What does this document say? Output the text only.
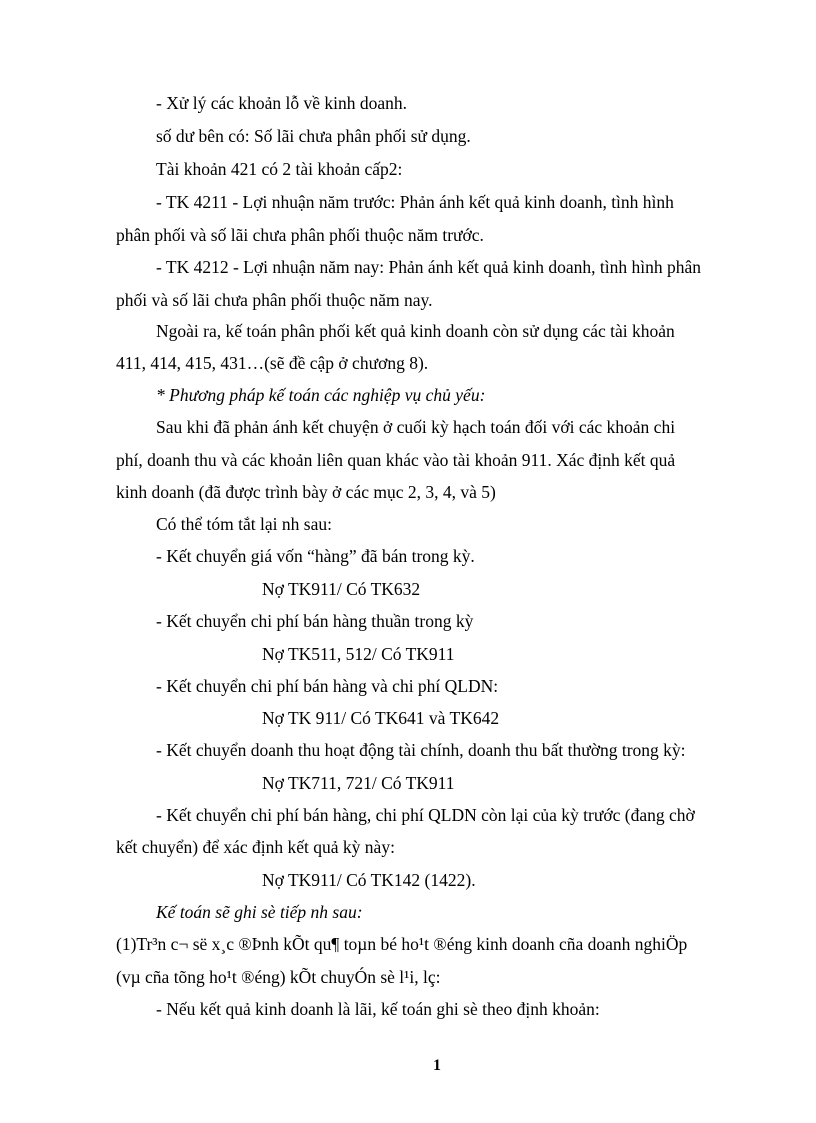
- Xử lý các khoản lỗ về kinh doanh.
số dư bên có: Số lãi chưa phân phối sử dụng.
Tài khoản 421 có 2 tài khoản cấp2:
- TK 4211 - Lợi nhuận năm trước: Phản ánh kết quả kinh doanh, tình hình
phân phối và số lãi chưa phân phối thuộc năm trước.
- TK 4212 - Lợi nhuận năm nay: Phản ánh kết quả kinh doanh, tình hình phân
phối và số lãi chưa phân phối thuộc năm nay.
Ngoài ra, kế toán phân phối kết quả kinh doanh còn sử dụng các tài khoản
411, 414, 415, 431…(sẽ đề cập ở chương 8).
* Phương pháp kế toán các nghiệp vụ chủ yếu:
Sau khi đã phản ánh kết chuyện ở cuối kỳ hạch toán đối với các khoản chi
phí, doanh thu và các khoản liên quan khác vào tài khoản 911. Xác định kết quả
kinh doanh (đã được trình bày ở các mục 2, 3, 4, và 5)
Có thể tóm tắt lại nh sau:
- Kết chuyển giá vốn “hàng” đã bán trong kỳ.
Nợ TK911/ Có TK632
- Kết chuyển chi phí bán hàng thuần trong kỳ
Nợ TK511, 512/ Có TK911
- Kết chuyển chi phí bán hàng và chi phí QLDN:
Nợ TK 911/ Có TK641 và TK642
- Kết chuyển doanh thu hoạt động tài chính, doanh thu bất thường trong kỳ:
Nợ TK711, 721/ Có TK911
- Kết chuyển chi phí bán hàng, chi phí QLDN còn lại của kỳ trước (đang chờ
kết chuyển) để xác định kết quả kỳ này:
Nợ TK911/ Có TK142 (1422).
Kế toán sẽ ghi sè tiếp nh sau:
(1)Tr³n c¬ së x¸c ®Þnh kÕt qu¶ toµn bé ho¹t ®éng kinh doanh cña doanh nghiÖp
(vµ cña tõng ho¹t ®éng) kÕt chuyÓn sè l¹i, lç:
- Nếu kết quả kinh doanh là lãi, kế toán ghi sè theo định khoản:
1
